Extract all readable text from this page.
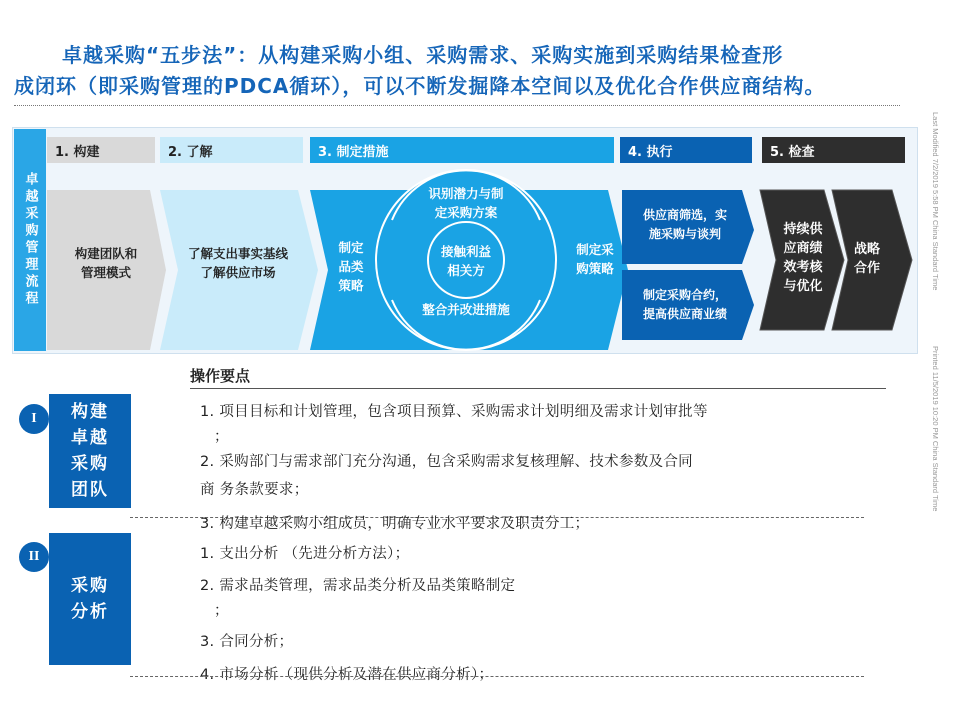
卓越采购“五步法”：从构建采购小组、采购需求、采购实施到采购结果检查形
成闭环（即采购管理的PDCA循环），可以不断发掘降本空间以及优化合作供应商结构。
Last Modified 7/2/2019 5:58 PM China Standard Time
Printed 11/5/2019 10:20 PM China Standard Time
卓越采购管理流程
1. 构建	2. 了解	3. 制定措施	4. 执行	5. 检查
构建团队和
管理模式
了解支出事实基线
了解供应市场
制定
品类
策略
识别潜力与制
定采购方案
接触利益
相关方
整合并改进措施
制定采
购策略
供应商筛选，实
施采购与谈判
制定采购合约，
提高供应商业绩
持续供
应商绩
效考核
与优化
战略
合作
操作要点
I	构建
卓越
采购
团队
1. 项目目标和计划管理，包含项目预算、采购需求计划明细及需求计划审批等
；
2. 采购部门与需求部门充分沟通，包含采购需求复核理解、技术参数及合同
商 务条款要求；
3. 构建卓越采购小组成员，明确专业水平要求及职责分工；
II
采购
分析
1. 支出分析 （先进分析方法）；
2. 需求品类管理，需求品类分析及品类策略制定
；
3. 合同分析；
4. 市场分析（现供分析及潜在供应商分析）；
